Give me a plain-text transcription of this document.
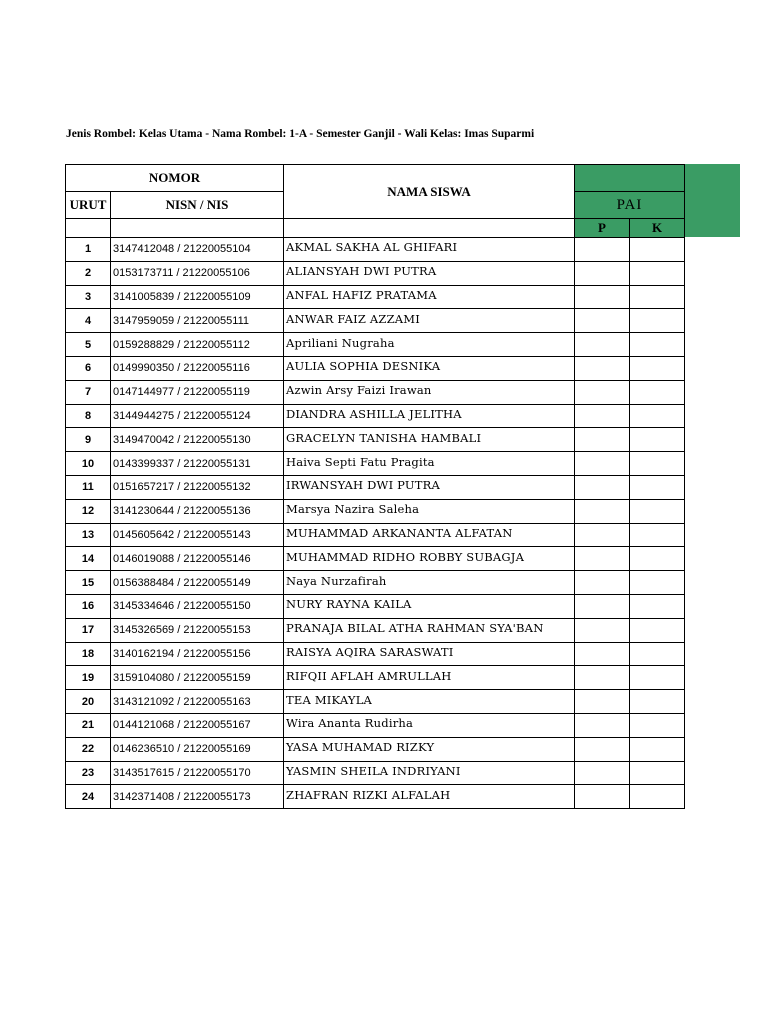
Jenis Rombel: Kelas Utama - Nama Rombel: 1-A - Semester Ganjil - Wali Kelas: Imas Suparmi
NOMOR		NAMA SISWA		
URUT	NISN / NIS		PAI	
			P	K
1	3147412048 / 21220055104	AKMAL SAKHA AL GHIFARI		
2	0153173711 / 21220055106	ALIANSYAH DWI PUTRA		
3	3141005839 / 21220055109	ANFAL HAFIZ PRATAMA		
4	3147959059 / 21220055111	ANWAR FAIZ AZZAMI		
5	0159288829 / 21220055112	Apriliani Nugraha		
6	0149990350 / 21220055116	AULIA SOPHIA DESNIKA		
7	0147144977 / 21220055119	Azwin Arsy Faizi Irawan		
8	3144944275 / 21220055124	DIANDRA ASHILLA JELITHA		
9	3149470042 / 21220055130	GRACELYN TANISHA HAMBALI		
10	0143399337 / 21220055131	Haiva Septi Fatu Pragita		
11	0151657217 / 21220055132	IRWANSYAH DWI PUTRA		
12	3141230644 / 21220055136	Marsya Nazira Saleha		
13	0145605642 / 21220055143	MUHAMMAD ARKANANTA ALFATAN		
14	0146019088 / 21220055146	MUHAMMAD RIDHO ROBBY SUBAGJA		
15	0156388484 / 21220055149	Naya Nurzafirah		
16	3145334646 / 21220055150	NURY RAYNA KAILA		
17	3145326569 / 21220055153	PRANAJA BILAL ATHA RAHMAN SYA'BAN		
18	3140162194 / 21220055156	RAISYA AQIRA SARASWATI		
19	3159104080 / 21220055159	RIFQII AFLAH AMRULLAH		
20	3143121092 / 21220055163	TEA MIKAYLA		
21	0144121068 / 21220055167	Wira Ananta Rudirha		
22	0146236510 / 21220055169	YASA MUHAMAD RIZKY		
23	3143517615 / 21220055170	YASMIN SHEILA INDRIYANI		
24	3142371408 / 21220055173	ZHAFRAN RIZKI ALFALAH		
